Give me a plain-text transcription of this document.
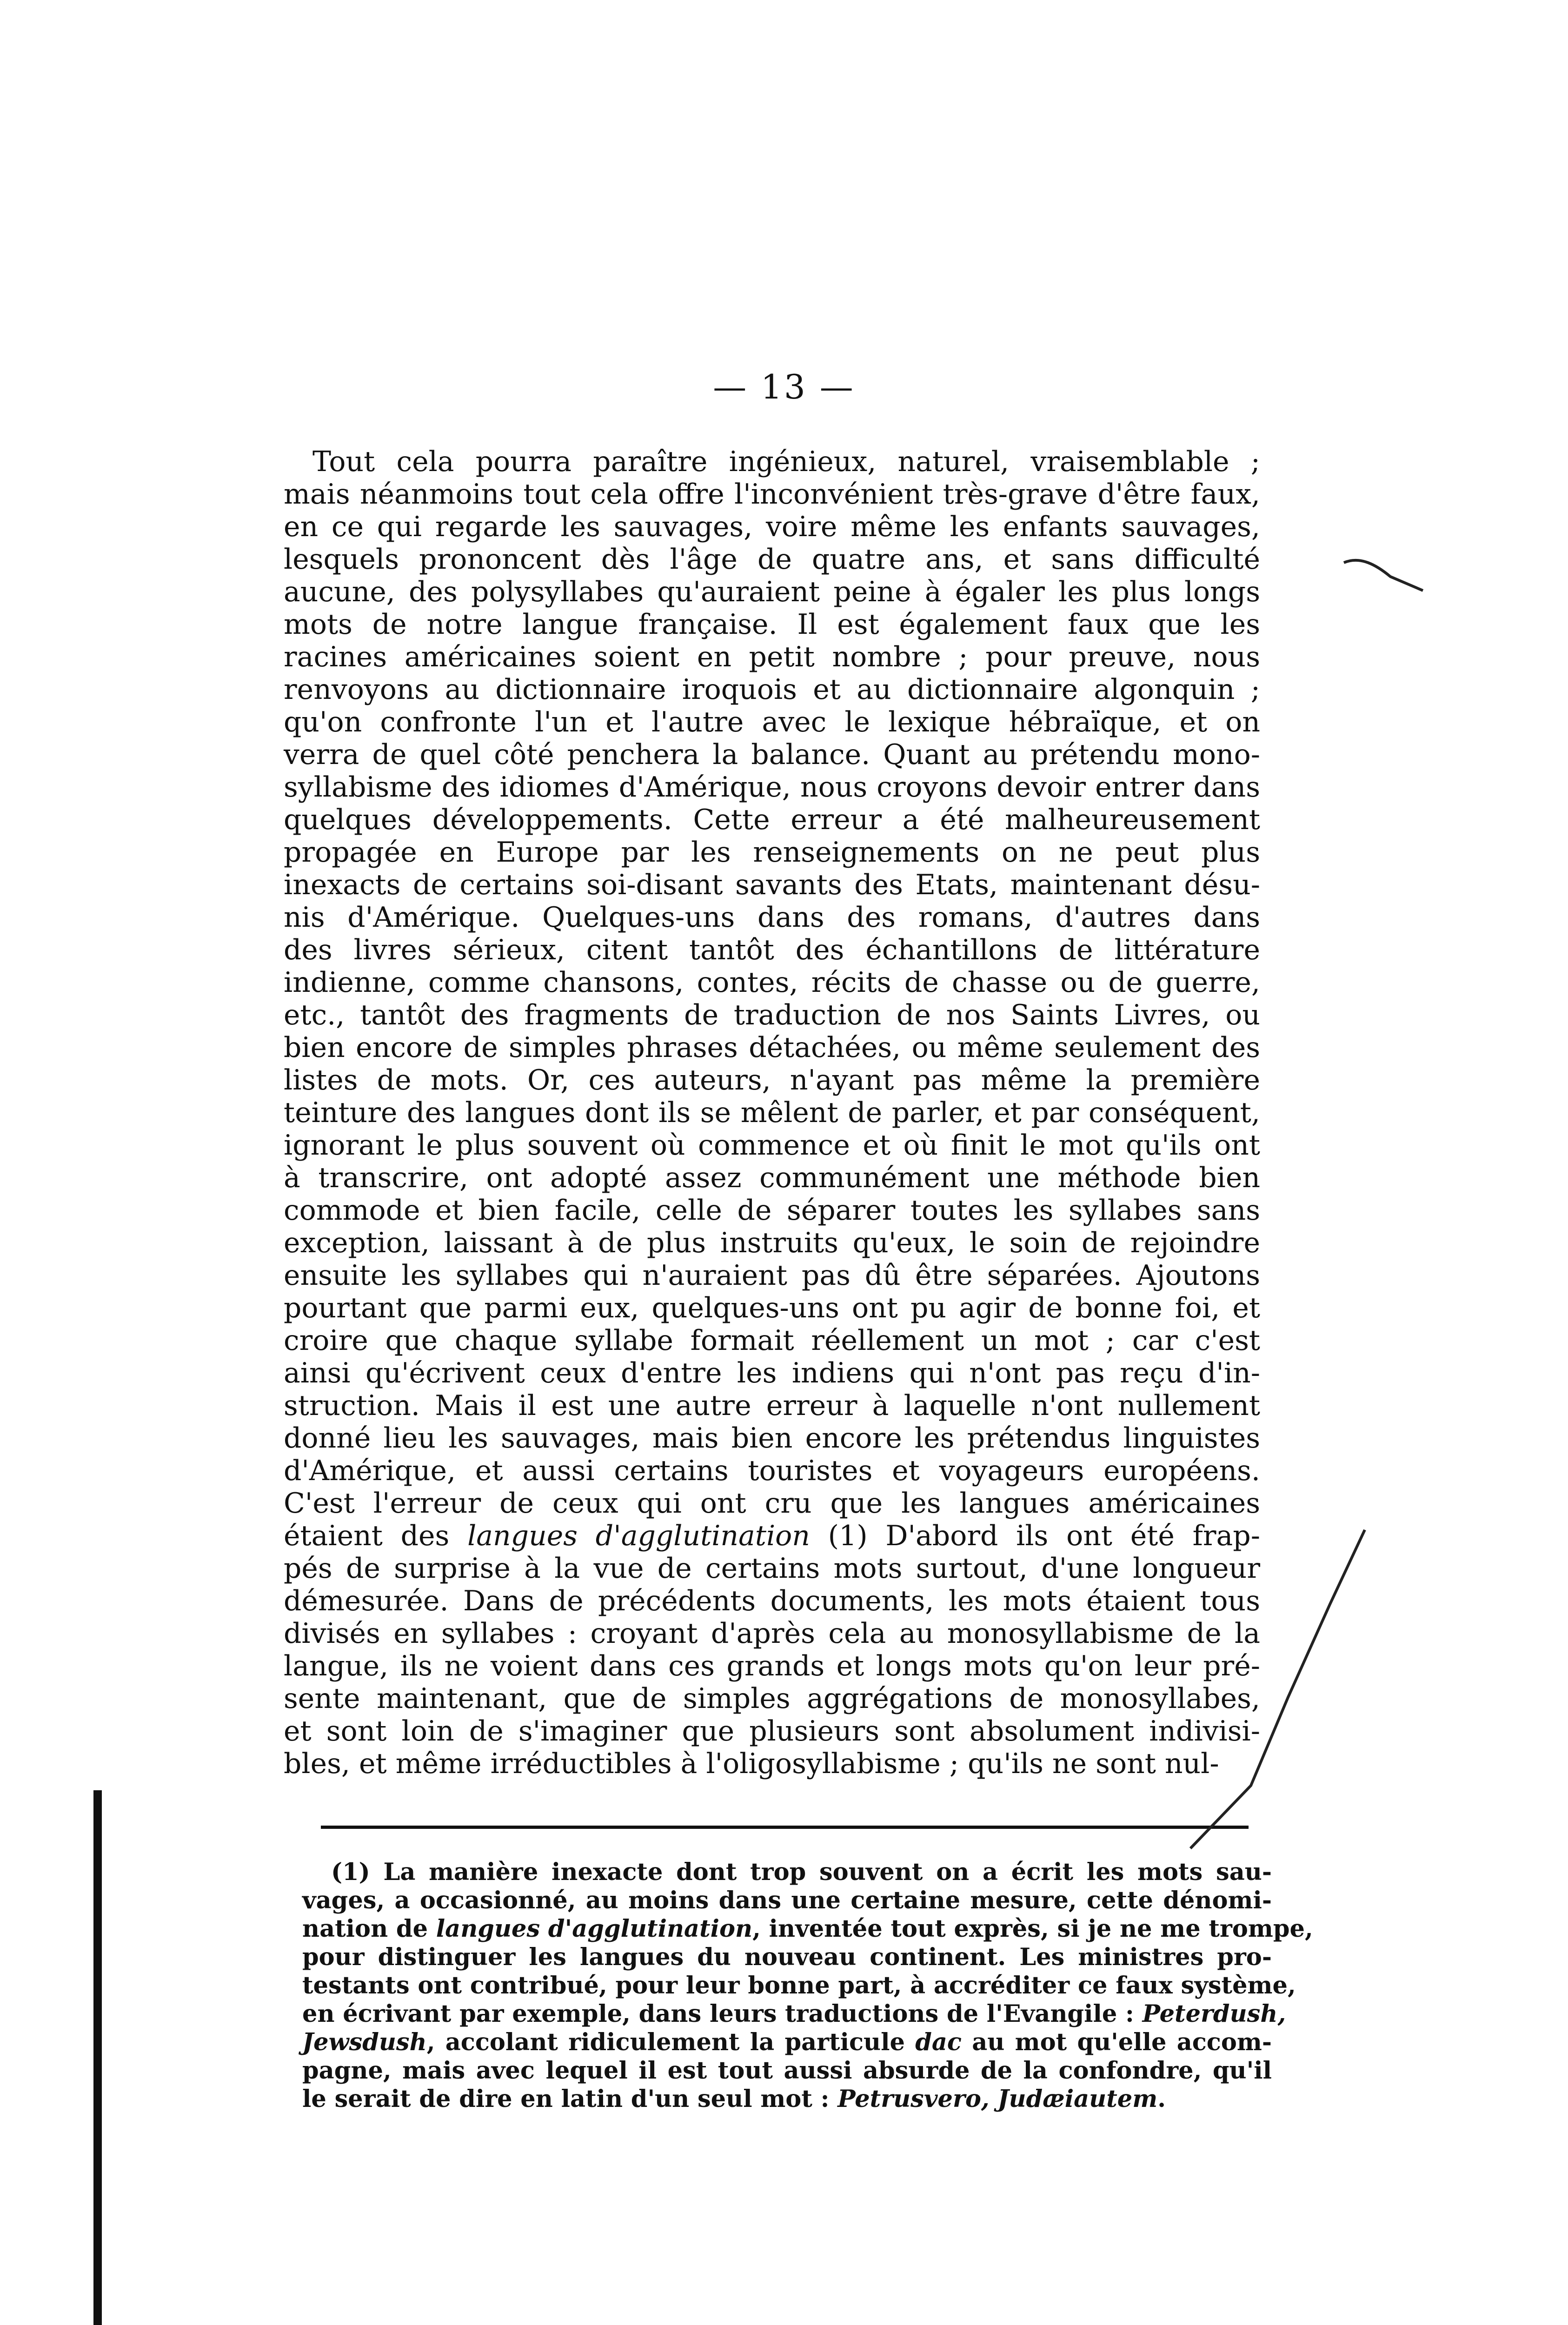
— 13 —
Tout cela pourra paraître ingénieux, naturel, vraisemblable ;
mais néanmoins tout cela offre l'inconvénient très-grave d'être faux,
en ce qui regarde les sauvages, voire même les enfants sauvages,
lesquels prononcent dès l'âge de quatre ans, et sans difficulté
aucune, des polysyllabes qu'auraient peine à égaler les plus longs
mots de notre langue française. Il est également faux que les
racines américaines soient en petit nombre ; pour preuve, nous
renvoyons au dictionnaire iroquois et au dictionnaire algonquin ;
qu'on confronte l'un et l'autre avec le lexique hébraïque, et on
verra de quel côté penchera la balance. Quant au prétendu mono-
syllabisme des idiomes d'Amérique, nous croyons devoir entrer dans
quelques développements. Cette erreur a été malheureusement
propagée en Europe par les renseignements on ne peut plus
inexacts de certains soi-disant savants des Etats, maintenant désu-
nis d'Amérique. Quelques-uns dans des romans, d'autres dans
des livres sérieux, citent tantôt des échantillons de littérature
indienne, comme chansons, contes, récits de chasse ou de guerre,
etc., tantôt des fragments de traduction de nos Saints Livres, ou
bien encore de simples phrases détachées, ou même seulement des
listes de mots. Or, ces auteurs, n'ayant pas même la première
teinture des langues dont ils se mêlent de parler, et par conséquent,
ignorant le plus souvent où commence et où finit le mot qu'ils ont
à transcrire, ont adopté assez communément une méthode bien
commode et bien facile, celle de séparer toutes les syllabes sans
exception, laissant à de plus instruits qu'eux, le soin de rejoindre
ensuite les syllabes qui n'auraient pas dû être séparées. Ajoutons
pourtant que parmi eux, quelques-uns ont pu agir de bonne foi, et
croire que chaque syllabe formait réellement un mot ; car c'est
ainsi qu'écrivent ceux d'entre les indiens qui n'ont pas reçu d'in-
struction. Mais il est une autre erreur à laquelle n'ont nullement
donné lieu les sauvages, mais bien encore les prétendus linguistes
d'Amérique, et aussi certains touristes et voyageurs européens.
C'est l'erreur de ceux qui ont cru que les langues américaines
étaient des langues d'agglutination (1) D'abord ils ont été frap-
pés de surprise à la vue de certains mots surtout, d'une longueur
démesurée. Dans de précédents documents, les mots étaient tous
divisés en syllabes : croyant d'après cela au monosyllabisme de la
langue, ils ne voient dans ces grands et longs mots qu'on leur pré-
sente maintenant, que de simples aggrégations de monosyllabes,
et sont loin de s'imaginer que plusieurs sont absolument indivisi-
bles, et même irréductibles à l'oligosyllabisme ; qu'ils ne sont nul-
(1) La manière inexacte dont trop souvent on a écrit les mots sau-
vages, a occasionné, au moins dans une certaine mesure, cette dénomi-
nation de langues d'agglutination, inventée tout exprès, si je ne me trompe,
pour distinguer les langues du nouveau continent. Les ministres pro-
testants ont contribué, pour leur bonne part, à accréditer ce faux système,
en écrivant par exemple, dans leurs traductions de l'Evangile : Peterdush,
Jewsdush, accolant ridiculement la particule dac au mot qu'elle accom-
pagne, mais avec lequel il est tout aussi absurde de la confondre, qu'il
le serait de dire en latin d'un seul mot : Petrusvero, Judæiautem.
